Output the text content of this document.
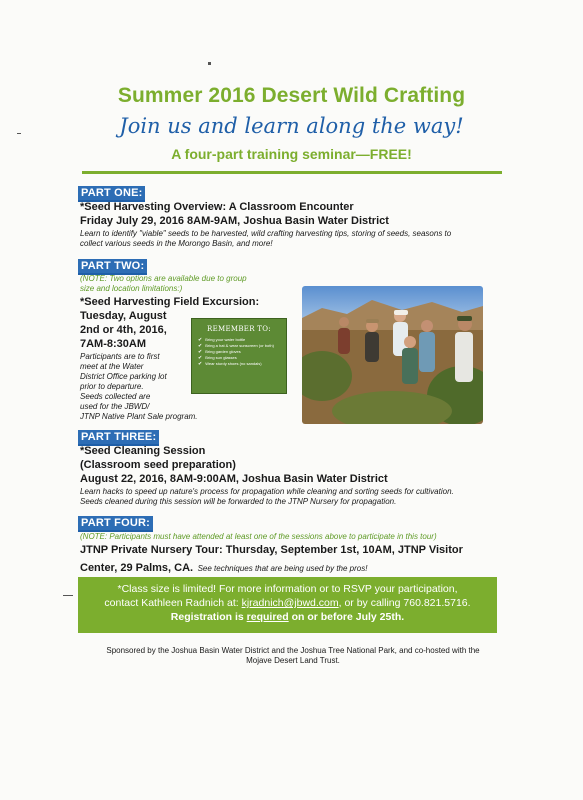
Summer 2016 Desert Wild Crafting
Join us and learn along the way!
A four-part training seminar—FREE!
PART ONE:
*Seed Harvesting Overview: A Classroom Encounter
Friday July 29, 2016 8AM-9AM, Joshua Basin Water District
Learn to identify "viable" seeds to be harvested, wild crafting harvesting tips, storing of seeds, seasons to
collect various seeds in the Morongo Basin, and more!
PART TWO:
(NOTE: Two options are available due to group
size and location limitations:)
*Seed Harvesting Field Excursion:
Tuesday, August
2nd or 4th, 2016,
7AM-8:30AM
Participants are to first
meet at the Water
District Office parking lot
prior to departure.
Seeds collected are
used for the JBWD/
JTNP Native Plant Sale program.
REMEMBER TO:
✔ Bring your water bottle
✔ Bring a hat & wear sunscreen (or both)
✔ Bring garden gloves
✔ Bring sun glasses
✔ Wear sturdy shoes (no sandals)
PART THREE:
*Seed Cleaning Session
(Classroom seed preparation)
August 22, 2016, 8AM-9:00AM, Joshua Basin Water District
Learn hacks to speed up nature's process for propagation while cleaning and sorting seeds for cultivation.
Seeds cleaned during this session will be forwarded to the JTNP Nursery for propagation.
PART FOUR:
(NOTE: Participants must have attended at least one of the sessions above to participate in this tour)
JTNP Private Nursery Tour: Thursday, September 1st, 10AM, JTNP Visitor
Center, 29 Palms, CA. See techniques that are being used by the pros!
*Class size is limited! For more information or to RSVP your participation,
contact Kathleen Radnich at: kjradnich@jbwd.com, or by calling 760.821.5716.
Registration is required on or before July 25th.
Sponsored by the Joshua Basin Water District and the Joshua Tree National Park, and co-hosted with the
Mojave Desert Land Trust.
